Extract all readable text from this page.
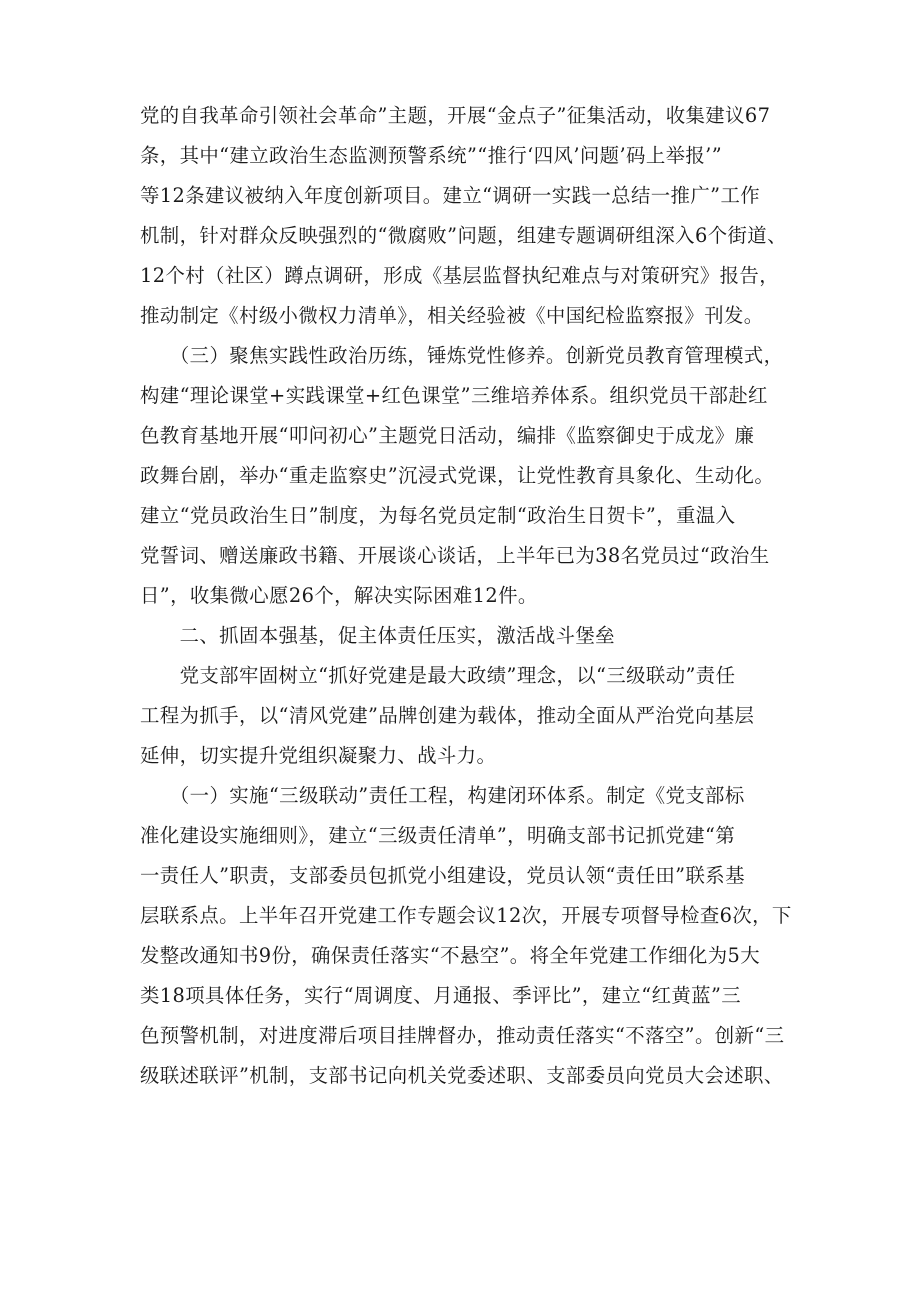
党的自我革命引领社会革命”主题，开展“金点子”征集活动，收集建议67
条，其中“建立政治生态监测预警系统”“推行‘四风’问题’码上举报’”
等12条建议被纳入年度创新项目。建立“调研一实践一总结一推广”工作
机制，针对群众反映强烈的“微腐败”问题，组建专题调研组深入6个街道、
12个村（社区）蹲点调研，形成《基层监督执纪难点与对策研究》报告，
推动制定《村级小微权力清单》，相关经验被《中国纪检监察报》刊发。
　　（三）聚焦实践性政治历练，锤炼党性修养。创新党员教育管理模式，
构建“理论课堂+实践课堂+红色课堂”三维培养体系。组织党员干部赴红
色教育基地开展“叩问初心”主题党日活动，编排《监察御史于成龙》廉
政舞台剧，举办“重走监察史”沉浸式党课，让党性教育具象化、生动化。
建立“党员政治生日”制度，为每名党员定制“政治生日贺卡”，重温入
党誓词、赠送廉政书籍、开展谈心谈话，上半年已为38名党员过“政治生
日”，收集微心愿26个，解决实际困难12件。
　　二、抓固本强基，促主体责任压实，激活战斗堡垒
　　党支部牢固树立“抓好党建是最大政绩”理念，以“三级联动”责任
工程为抓手，以“清风党建”品牌创建为载体，推动全面从严治党向基层
延伸，切实提升党组织凝聚力、战斗力。
　　（一）实施“三级联动”责任工程，构建闭环体系。制定《党支部标
准化建设实施细则》，建立“三级责任清单”，明确支部书记抓党建“第
一责任人”职责，支部委员包抓党小组建设，党员认领“责任田”联系基
层联系点。上半年召开党建工作专题会议12次，开展专项督导检查6次，下
发整改通知书9份，确保责任落实“不悬空”。将全年党建工作细化为5大
类18项具体任务，实行“周调度、月通报、季评比”，建立“红黄蓝”三
色预警机制，对进度滞后项目挂牌督办，推动责任落实“不落空”。创新“三
级联述联评”机制，支部书记向机关党委述职、支部委员向党员大会述职、
